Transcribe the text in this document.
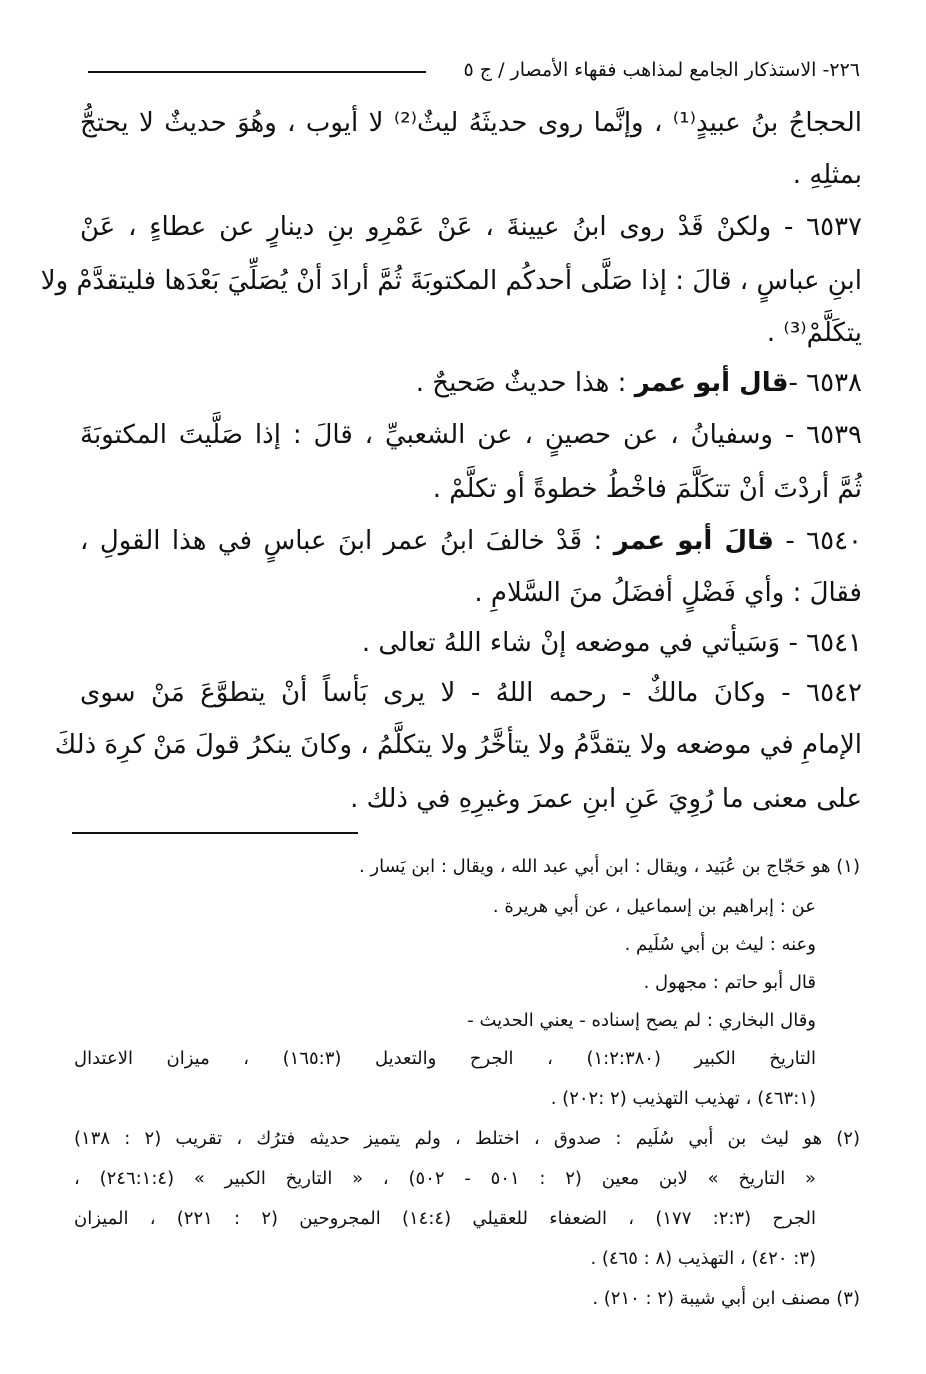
٢٢٦- الاستذكار الجامع لمذاهب فقهاء الأمصار / ج ٥
الحجاجُ بنُ عبيدٍ⁽¹⁾ ، وإنَّما روى حديثَهُ ليثٌ⁽²⁾ لا أيوب ، وهُوَ حديثٌ لا يحتجُّ
بمثلِهِ .
٦٥٣٧ - ولكنْ قَدْ روى ابنُ عيينةَ ، عَنْ عَمْرِو بنِ دينارٍ عن عطاءٍ ، عَنْ
ابنِ عباسٍ ، قالَ : إذا صَلَّى أحدكُم المكتوبَةَ ثُمَّ أرادَ أنْ يُصَلِّيَ بَعْدَها فليتقدَّمْ ولا
يتكَلَّمْ⁽³⁾ .
٦٥٣٨ -قال أبو عمر : هذا حديثٌ صَحيحٌ .
٦٥٣٩ - وسفيانُ ، عن حصينٍ ، عن الشعبيِّ ، قالَ : إذا صَلَّيتَ المكتوبَةَ
ثُمَّ أردْتَ أنْ تتكَلَّمَ فاخْطُ خطوةً أو تكلَّمْ .
٦٥٤٠ - قالَ أبو عمر : قَدْ خالفَ ابنُ عمر ابنَ عباسٍ في هذا القولِ ،
فقالَ : وأي فَضْلٍ أفضَلُ منَ السَّلامِ .
٦٥٤١ - وَسَيأتي في موضعه إنْ شاء اللهُ تعالى .
٦٥٤٢ - وكانَ مالكٌ - رحمه اللهُ - لا يرى بَأساً أنْ يتطوَّعَ مَنْ سوى
الإمامِ في موضعه ولا يتقدَّمُ ولا يتأخَّرُ ولا يتكلَّمُ ، وكانَ ينكرُ قولَ مَنْ كرِهَ ذلكَ
على معنى ما رُوِيَ عَنِ ابنِ عمرَ وغيرِهِ في ذلك .
(١) هو حَجّاج بن عُبَيد ، ويقال : ابن أبي عبد الله ، ويقال : ابن يَسار .
عن : إبراهيم بن إسماعيل ، عن أبي هريرة .
وعنه : ليث بن أبي سُلَيم .
قال أبو حاتم : مجهول .
وقال البخاري : لم يصح إسناده - يعني الحديث -
التاريخ الكبير (١:٢:٣٨٠) ، الجرح والتعديل (١٦٥:٣) ، ميزان الاعتدال
(٤٦٣:١) ، تهذيب التهذيب (٢ :٢٠٢) .
(٢) هو ليث بن أبي سُلَيم : صدوق ، اختلط ، ولم يتميز حديثه فترُك ، تقريب (٢ : ١٣٨)
« التاريخ » لابن معين (٢ : ٥٠١ - ٥٠٢) ، « التاريخ الكبير » (٢٤٦:١:٤) ،
الجرح (٢:٣: ١٧٧) ، الضعفاء للعقيلي (١٤:٤) المجروحين (٢ : ٢٢١) ، الميزان
(٣: ٤٢٠) ، التهذيب (٨ : ٤٦٥) .
(٣) مصنف ابن أبي شيبة (٢ : ٢١٠) .
